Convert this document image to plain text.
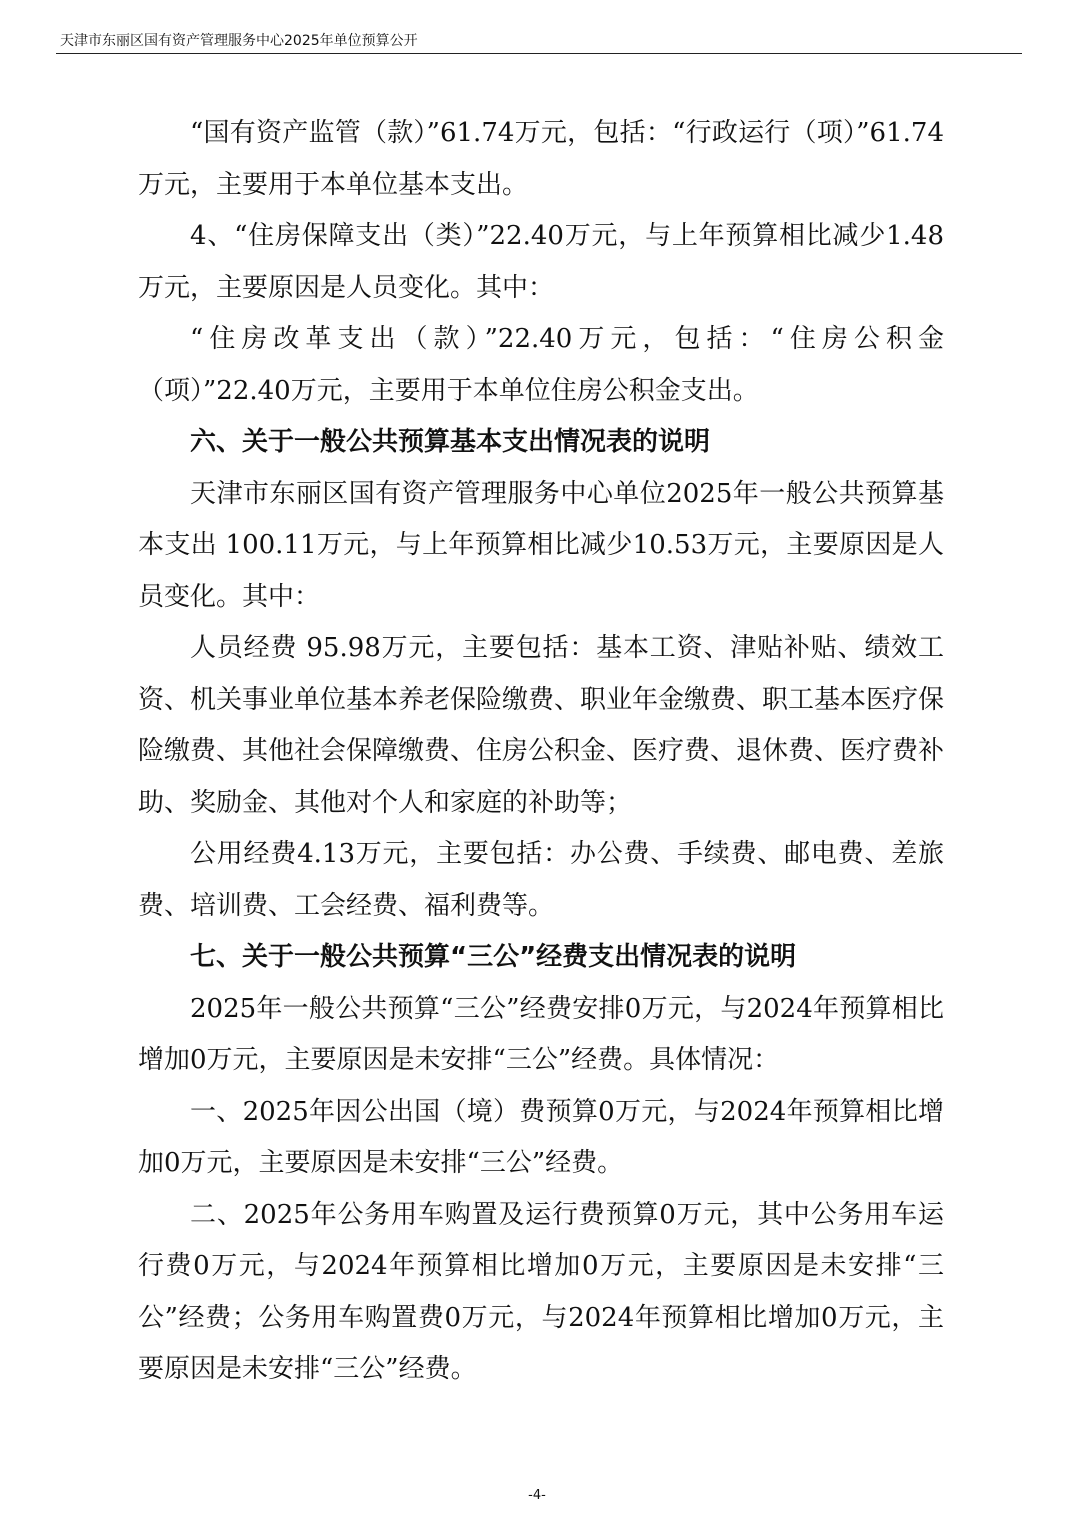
天津市东丽区国有资产管理服务中心2025年单位预算公开

“国有资产监管（款）”61.74万元，包括：“行政运行（项）”61.74万元，主要用于本单位基本支出。

4、“住房保障支出（类）”22.40万元，与上年预算相比减少1.48万元，主要原因是人员变化。其中：

“住房改革支出（款）”22.40万元，包括：“住房公积金（项）”22.40万元，主要用于本单位住房公积金支出。

六、关于一般公共预算基本支出情况表的说明

天津市东丽区国有资产管理服务中心单位2025年一般公共预算基本支出 100.11万元，与上年预算相比减少10.53万元，主要原因是人员变化。其中：

人员经费 95.98万元，主要包括：基本工资、津贴补贴、绩效工资、机关事业单位基本养老保险缴费、职业年金缴费、职工基本医疗保险缴费、其他社会保障缴费、住房公积金、医疗费、退休费、医疗费补助、奖励金、其他对个人和家庭的补助等；

公用经费4.13万元，主要包括：办公费、手续费、邮电费、差旅费、培训费、工会经费、福利费等。

七、关于一般公共预算“三公”经费支出情况表的说明

2025年一般公共预算“三公”经费安排0万元，与2024年预算相比增加0万元，主要原因是未安排“三公”经费。具体情况：

一、2025年因公出国（境）费预算0万元，与2024年预算相比增加0万元，主要原因是未安排“三公”经费。

二、2025年公务用车购置及运行费预算0万元，其中公务用车运行费0万元，与2024年预算相比增加0万元，主要原因是未安排“三公”经费；公务用车购置费0万元，与2024年预算相比增加0万元，主要原因是未安排“三公”经费。

-4-
